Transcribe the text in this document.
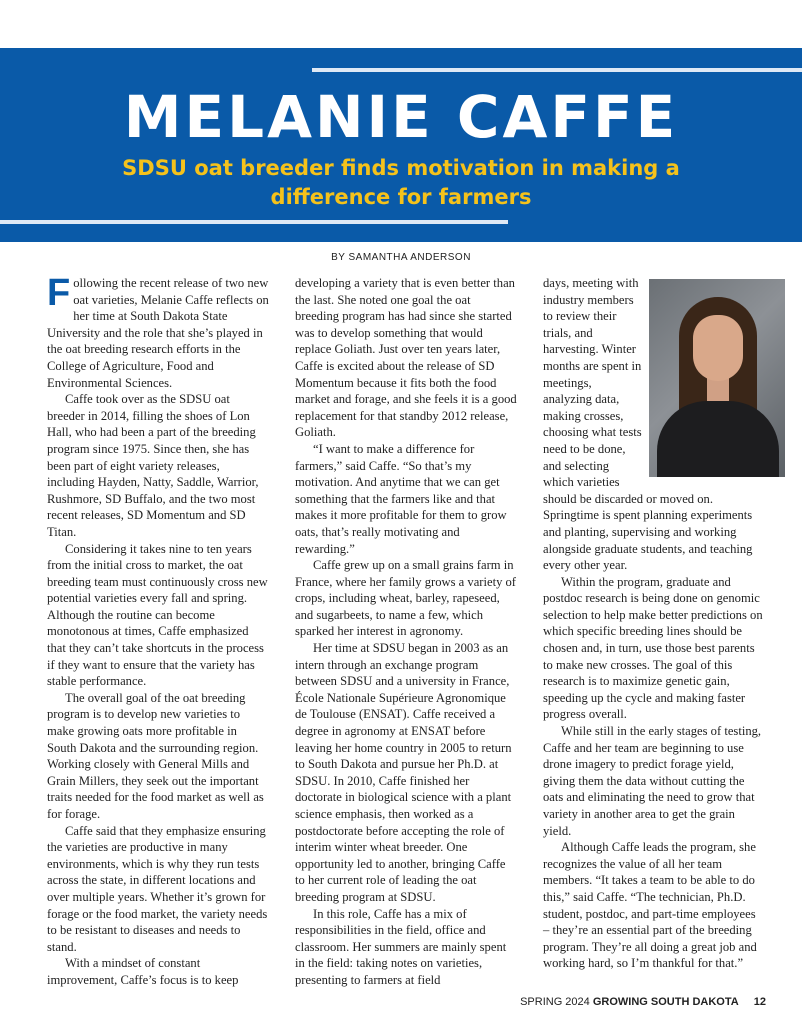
MELANIE CAFFE
SDSU oat breeder finds motivation in making a difference for farmers
BY SAMANTHA ANDERSON

Following the recent release of two new oat varieties, Melanie Caffe reflects on her time at South Dakota State University and the role that she’s played in the oat breeding research efforts in the College of Agriculture, Food and Environmental Sciences.

Caffe took over as the SDSU oat breeder in 2014, filling the shoes of Lon Hall, who had been a part of the breeding program since 1975. Since then, she has been part of eight variety releases, including Hayden, Natty, Saddle, Warrior, Rushmore, SD Buffalo, and the two most recent releases, SD Momentum and SD Titan.

Considering it takes nine to ten years from the initial cross to market, the oat breeding team must continuously cross new potential varieties every fall and spring. Although the routine can become monotonous at times, Caffe emphasized that they can’t take shortcuts in the process if they want to ensure that the variety has stable performance.

The overall goal of the oat breeding program is to develop new varieties to make growing oats more profitable in South Dakota and the surrounding region. Working closely with General Mills and Grain Millers, they seek out the important traits needed for the food market as well as for forage.

Caffe said that they emphasize ensuring the varieties are productive in many environments, which is why they run tests across the state, in different locations and over multiple years. Whether it’s grown for forage or the food market, the variety needs to be resistant to diseases and needs to stand.

With a mindset of constant improvement, Caffe’s focus is to keep

developing a variety that is even better than the last. She noted one goal the oat breeding program has had since she started was to develop something that would replace Goliath. Just over ten years later, Caffe is excited about the release of SD Momentum because it fits both the food market and forage, and she feels it is a good replacement for that standby 2012 release, Goliath.

“I want to make a difference for farmers,” said Caffe. “So that’s my motivation. And anytime that we can get something that the farmers like and that makes it more profitable for them to grow oats, that’s really motivating and rewarding.”

Caffe grew up on a small grains farm in France, where her family grows a variety of crops, including wheat, barley, rapeseed, and sugarbeets, to name a few, which sparked her interest in agronomy.

Her time at SDSU began in 2003 as an intern through an exchange program between SDSU and a university in France, École Nationale Supérieure Agronomique de Toulouse (ENSAT). Caffe received a degree in agronomy at ENSAT before leaving her home country in 2005 to return to South Dakota and pursue her Ph.D. at SDSU. In 2010, Caffe finished her doctorate in biological science with a plant science emphasis, then worked as a postdoctorate before accepting the role of interim winter wheat breeder. One opportunity led to another, bringing Caffe to her current role of leading the oat breeding program at SDSU.

In this role, Caffe has a mix of responsibilities in the field, office and classroom. Her summers are mainly spent in the field: taking notes on varieties, presenting to farmers at field

days, meeting with industry members to review their trials, and harvesting. Winter months are spent in meetings, analyzing data, making crosses, choosing what tests need to be done, and selecting which varieties should be discarded or moved on. Springtime is spent planning experiments and planting, supervising and working alongside graduate students, and teaching every other year.

Within the program, graduate and postdoc research is being done on genomic selection to help make better predictions on which specific breeding lines should be chosen and, in turn, use those best parents to make new crosses. The goal of this research is to maximize genetic gain, speeding up the cycle and making faster progress overall.

While still in the early stages of testing, Caffe and her team are beginning to use drone imagery to predict forage yield, giving them the data without cutting the oats and eliminating the need to grow that variety in another area to get the grain yield.

Although Caffe leads the program, she recognizes the value of all her team members. “It takes a team to be able to do this,” said Caffe. “The technician, Ph.D. student, postdoc, and part-time employees – they’re an essential part of the breeding program. They’re all doing a great job and working hard, so I’m thankful for that.”

SPRING 2024 GROWING SOUTH DAKOTA 12
